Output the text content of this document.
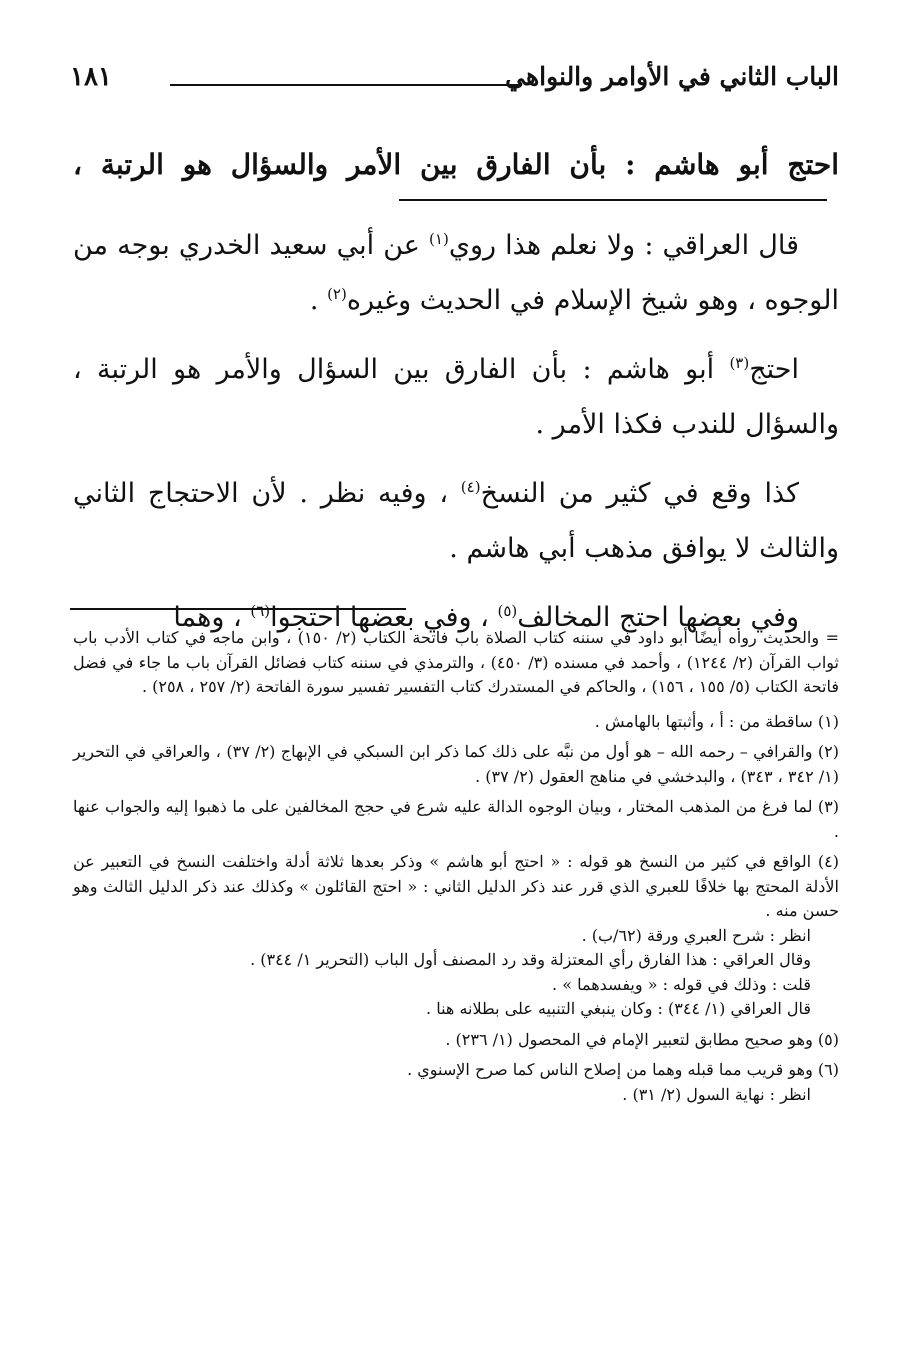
الباب الثاني في الأوامر والنواهي
١٨١
احتج أبو هاشم : بأن الفارق بين الأمر والسؤال هو الرتبة ،

قال العراقي : ولا نعلم هذا روي$^{(١)}$ عن أبي سعيد الخدري بوجه من الوجوه ، وهو شيخ الإسلام في الحديث وغيره$^{(٢)}$ .

احتج$^{(٣)}$ أبو هاشم : بأن الفارق بين السؤال والأمر هو الرتبة ، والسؤال للندب فكذا الأمر .

كذا وقع في كثير من النسخ$^{(٤)}$ ، وفيه نظر . لأن الاحتجاج الثاني والثالث لا يوافق مذهب أبي هاشم .

وفي بعضها احتج المخالف$^{(٥)}$ ، وفي بعضها احتجوا$^{(٦)}$ ، وهما

= والحديث رواه أيضًا أبو داود في سننه كتاب الصلاة باب فاتحة الكتاب (٢/ ١٥٠) ، وابن ماجه في كتاب الأدب باب ثواب القرآن (٢/ ١٢٤٤) ، وأحمد في مسنده (٣/ ٤٥٠) ، والترمذي في سننه كتاب فضائل القرآن باب ما جاء في فضل فاتحة الكتاب (٥/ ١٥٥ ، ١٥٦) ، والحاكم في المستدرك كتاب التفسير تفسير سورة الفاتحة (٢/ ٢٥٧ ، ٢٥٨) .

(١) ساقطة من : أ ، وأثبتها بالهامش .

(٢) والقرافي – رحمه الله – هو أول من نبَّه على ذلك كما ذكر ابن السبكي في الإبهاج (٢/ ٣٧) ، والعراقي في التحرير (١/ ٣٤٢ ، ٣٤٣) ، والبدخشي في مناهج العقول (٢/ ٣٧) .

(٣) لما فرغ من المذهب المختار ، وبيان الوجوه الدالة عليه شرع في حجج المخالفين على ما ذهبوا إليه والجواب عنها .

(٤) الواقع في كثير من النسخ هو قوله : « احتج أبو هاشم » وذكر بعدها ثلاثة أدلة واختلفت النسخ في التعبير عن الأدلة المحتج بها خلافًا للعبري الذي قرر عند ذكر الدليل الثاني : « احتج القائلون » وكذلك عند ذكر الدليل الثالث وهو حسن منه .
انظر : شرح العبري ورقة (٦٢/ب) .
وقال العراقي : هذا الفارق رأي المعتزلة وقد رد المصنف أول الباب (التحرير ١/ ٣٤٤) .
قلت : وذلك في قوله : « ويفسدهما » .
قال العراقي (١/ ٣٤٤) : وكان ينبغي التنبيه على بطلانه هنا .

(٥) وهو صحيح مطابق لتعبير الإمام في المحصول (١/ ٢٣٦) .

(٦) وهو قريب مما قبله وهما من إصلاح الناس كما صرح الإسنوي .
انظر : نهاية السول (٢/ ٣١) .
